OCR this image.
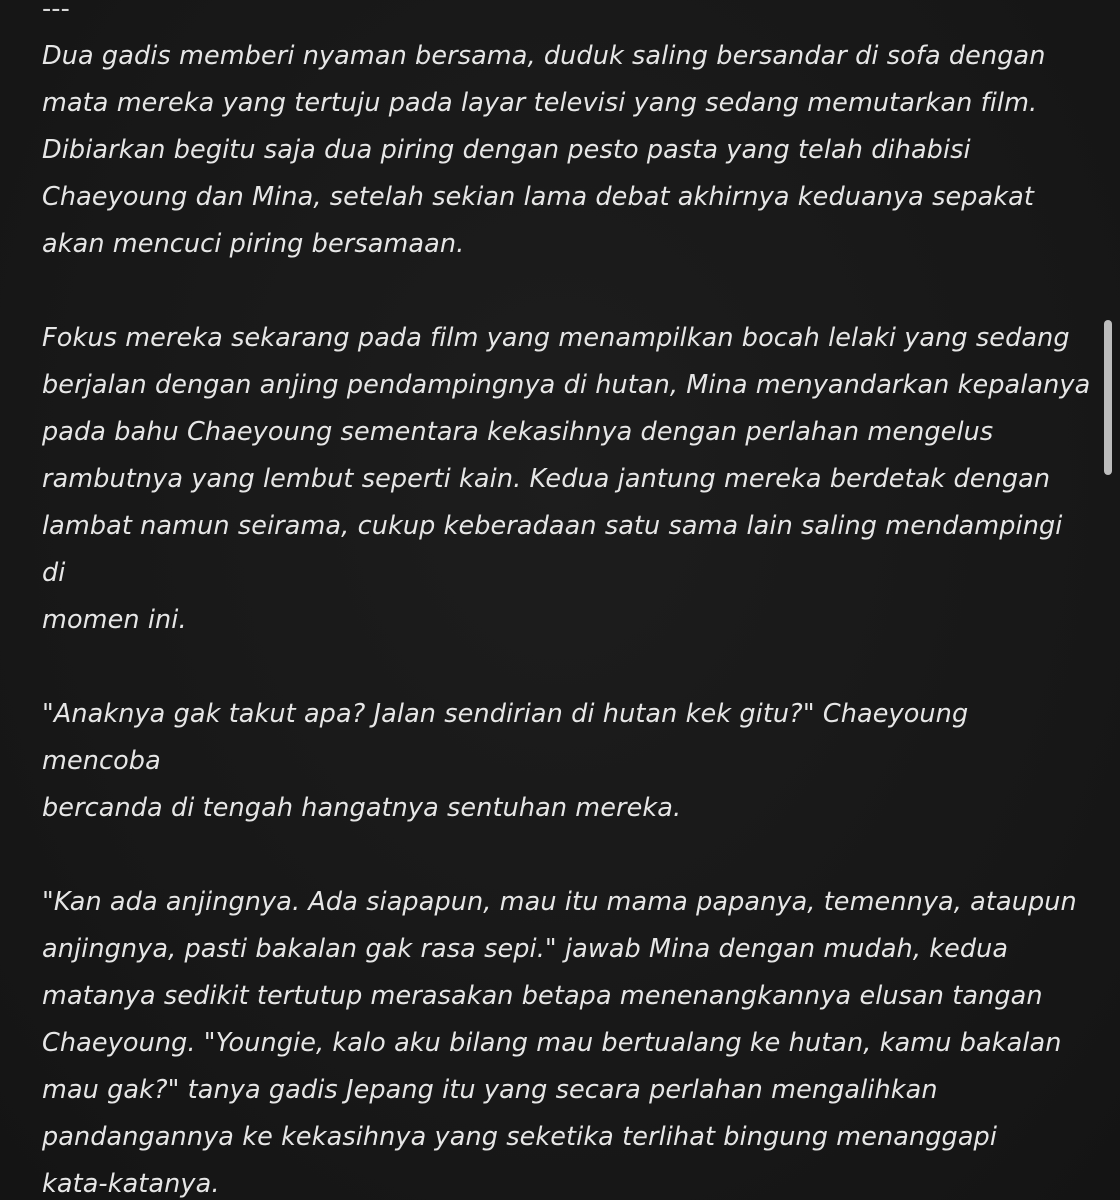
---

Dua gadis memberi nyaman bersama, duduk saling bersandar di sofa dengan
mata mereka yang tertuju pada layar televisi yang sedang memutarkan film.
Dibiarkan begitu saja dua piring dengan pesto pasta yang telah dihabisi
Chaeyoung dan Mina, setelah sekian lama debat akhirnya keduanya sepakat
akan mencuci piring bersamaan.

Fokus mereka sekarang pada film yang menampilkan bocah lelaki yang sedang
berjalan dengan anjing pendampingnya di hutan, Mina menyandarkan kepalanya
pada bahu Chaeyoung sementara kekasihnya dengan perlahan mengelus
rambutnya yang lembut seperti kain. Kedua jantung mereka berdetak dengan
lambat namun seirama, cukup keberadaan satu sama lain saling mendampingi di
momen ini.

"Anaknya gak takut apa? Jalan sendirian di hutan kek gitu?" Chaeyoung mencoba
bercanda di tengah hangatnya sentuhan mereka.

"Kan ada anjingnya. Ada siapapun, mau itu mama papanya, temennya, ataupun
anjingnya, pasti bakalan gak rasa sepi." jawab Mina dengan mudah, kedua
matanya sedikit tertutup merasakan betapa menenangkannya elusan tangan
Chaeyoung. "Youngie, kalo aku bilang mau bertualang ke hutan, kamu bakalan
mau gak?" tanya gadis Jepang itu yang secara perlahan mengalihkan
pandangannya ke kekasihnya yang seketika terlihat bingung menanggapi
kata-katanya.
